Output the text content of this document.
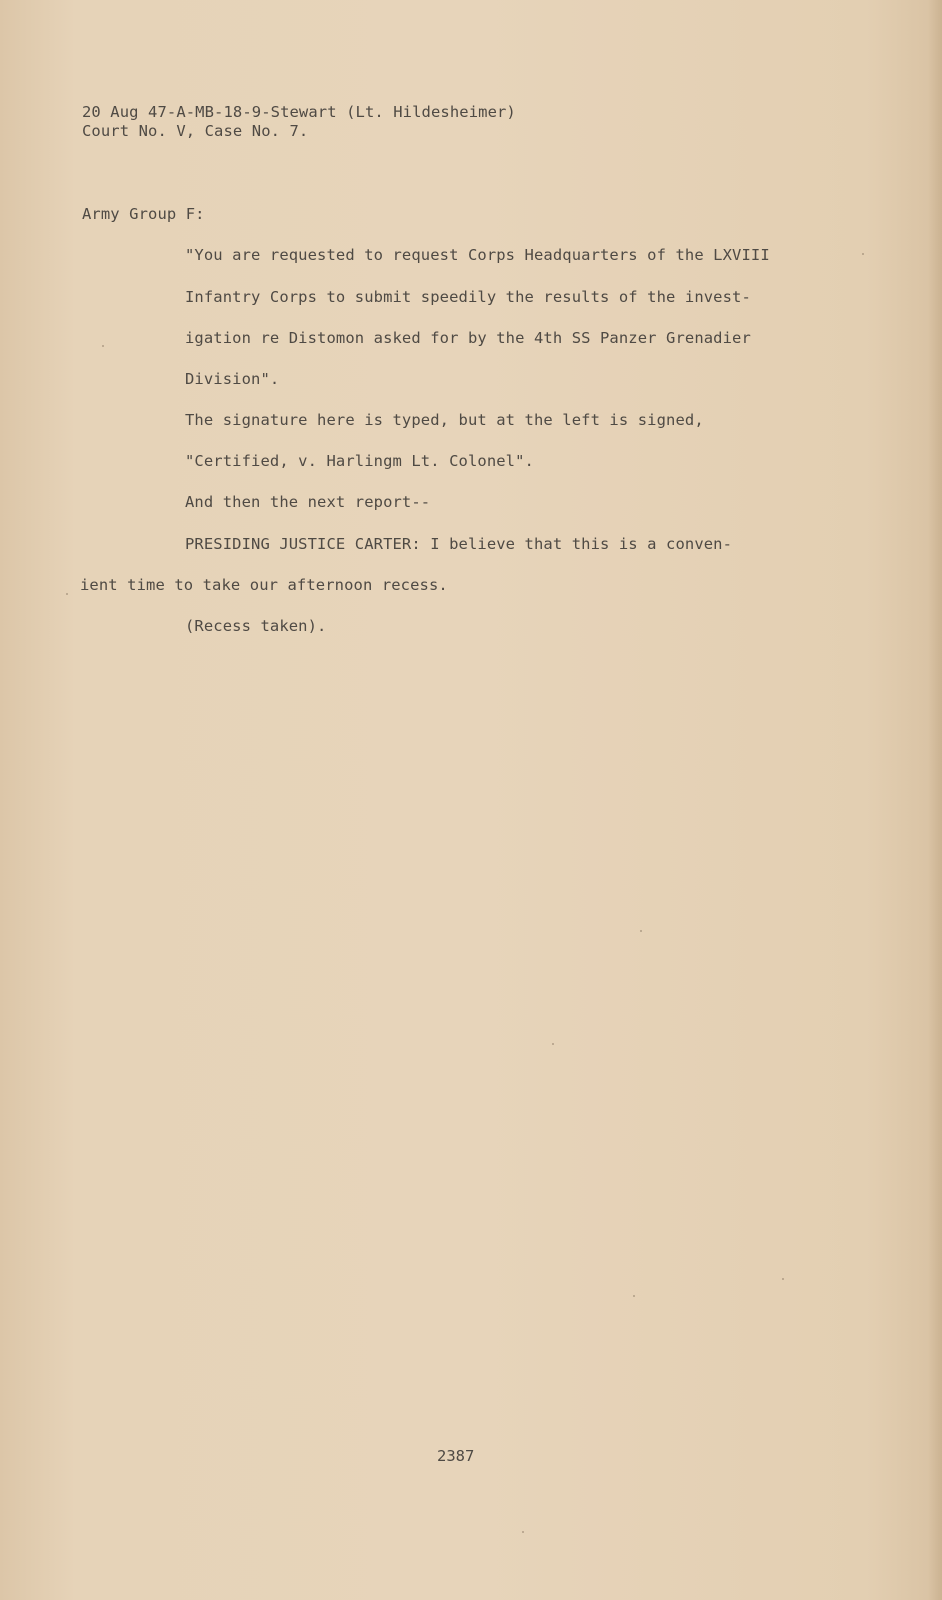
20 Aug 47-A-MB-18-9-Stewart (Lt. Hildesheimer)
Court No. V, Case No. 7.
Army Group F:
"You are requested to request Corps Headquarters of the LXVIII
Infantry Corps to submit speedily the results of the invest-
igation re Distomon asked for by the 4th SS Panzer Grenadier
Division".
The signature here is typed, but at the left is signed,
"Certified, v. Harlingm Lt. Colonel".
And then the next report--
PRESIDING JUSTICE CARTER: I believe that this is a conven-
ient time to take our afternoon recess.
(Recess taken).
2387
